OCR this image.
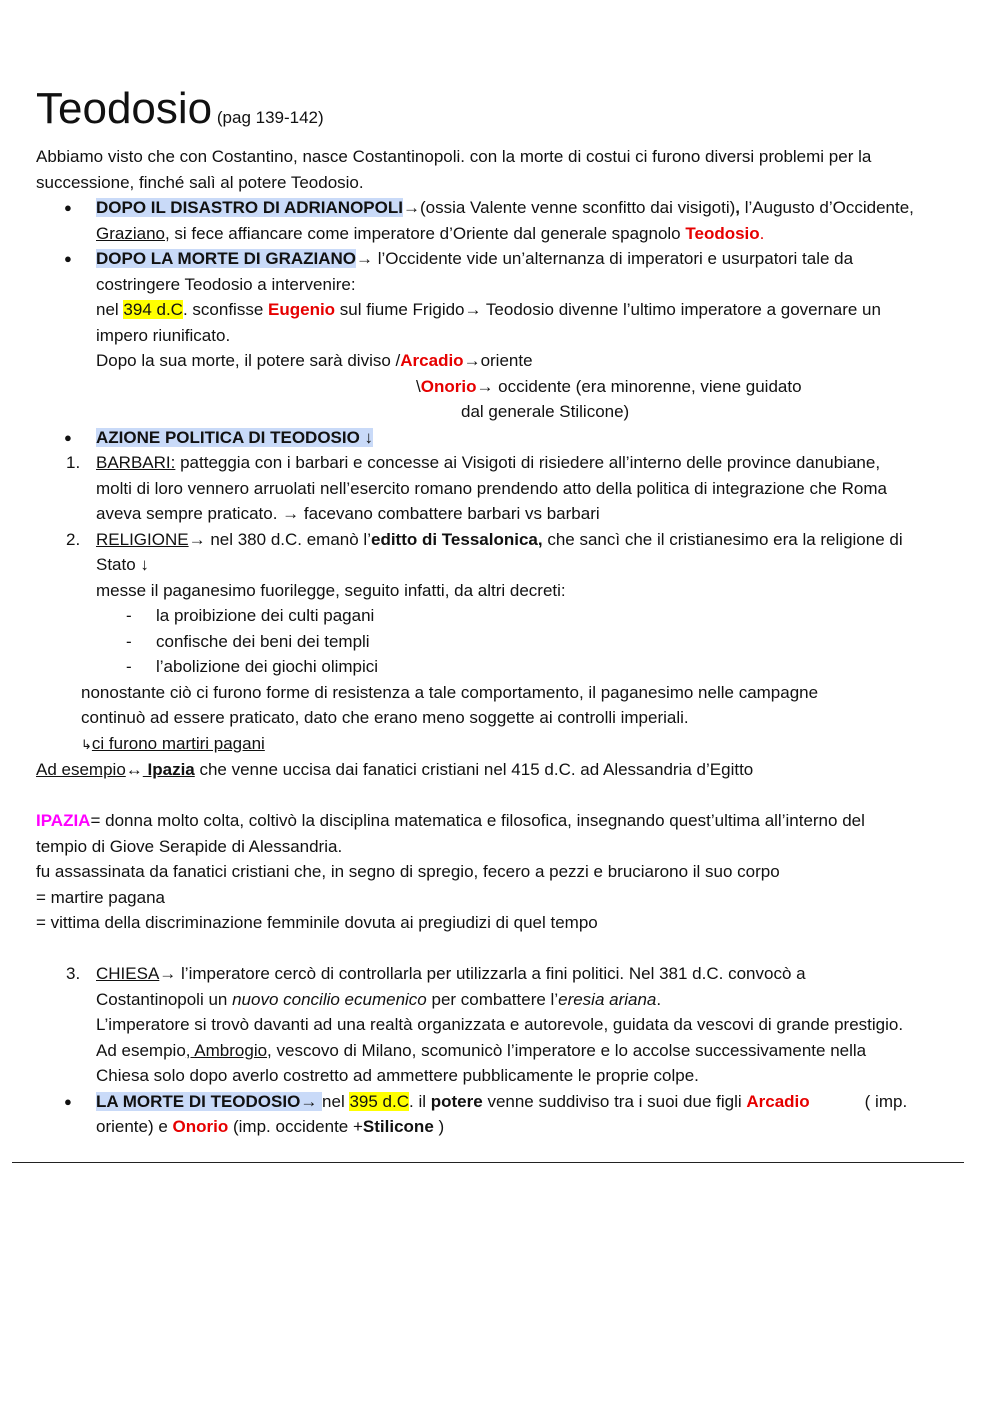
Teodosio (pag 139-142)

Abbiamo visto che con Costantino, nasce Costantinopoli. con la morte di costui ci furono diversi problemi per la

successione, finché salì al potere Teodosio.

● DOPO IL DISASTRO DI ADRIANOPOLI→(ossia Valente venne sconfitto dai visigoti), l’Augusto d’Occidente,
Graziano, si fece affiancare come imperatore d’Oriente dal generale spagnolo Teodosio.
● DOPO LA MORTE DI GRAZIANO→ l’Occidente vide un’alternanza di imperatori e usurpatori tale da
costringere Teodosio a intervenire:
nel 394 d.C. sconfisse Eugenio sul fiume Frigido→ Teodosio divenne l’ultimo imperatore a governare un
impero riunificato.
Dopo la sua morte, il potere sarà diviso /Arcadio→oriente

\Onorio→ occidente (era minorenne, viene guidato

dal generale Stilicone)

● AZIONE POLITICA DI TEODOSIO ↓
1. BARBARI: patteggia con i barbari e concesse ai Visigoti di risiedere all’interno delle province danubiane,
molti di loro vennero arruolati nell’esercito romano prendendo atto della politica di integrazione che Roma
aveva sempre praticato. → facevano combattere barbari vs barbari
2. RELIGIONE→ nel 380 d.C. emanò l’editto di Tessalonica, che sancì che il cristianesimo era la religione di
Stato ↓
messe il paganesimo fuorilegge, seguito infatti, da altri decreti:

- la proibizione dei culti pagani

- confische dei beni dei templi

- l’abolizione dei giochi olimpici

nonostante ciò ci furono forme di resistenza a tale comportamento, il paganesimo nelle campagne

continuò ad essere praticato, dato che erano meno soggette ai controlli imperiali.

↳ci furono martiri pagani

Ad esempio↔ Ipazia che venne uccisa dai fanatici cristiani nel 415 d.C. ad Alessandria d’Egitto

IPAZIA= donna molto colta, coltivò la disciplina matematica e filosofica, insegnando quest’ultima all’interno del

tempio di Giove Serapide di Alessandria.

fu assassinata da fanatici cristiani che, in segno di spregio, fecero a pezzi e bruciarono il suo corpo

= martire pagana

= vittima della discriminazione femminile dovuta ai pregiudizi di quel tempo

3. CHIESA→ l’imperatore cercò di controllarla per utilizzarla a fini politici. Nel 381 d.C. convocò a
Costantinopoli un nuovo concilio ecumenico per combattere l’eresia ariana.
L’imperatore si trovò davanti ad una realtà organizzata e autorevole, guidata da vescovi di grande prestigio.
Ad esempio, Ambrogio, vescovo di Milano, scomunicò l’imperatore e lo accolse successivamente nella
Chiesa solo dopo averlo costretto ad ammettere pubblicamente le proprie colpe.
● LA MORTE DI TEODOSIO→ nel 395 d.C. il potere venne suddiviso tra i suoi due figli Arcadio	( imp.
oriente) e Onorio (imp. occidente +Stilicone )
